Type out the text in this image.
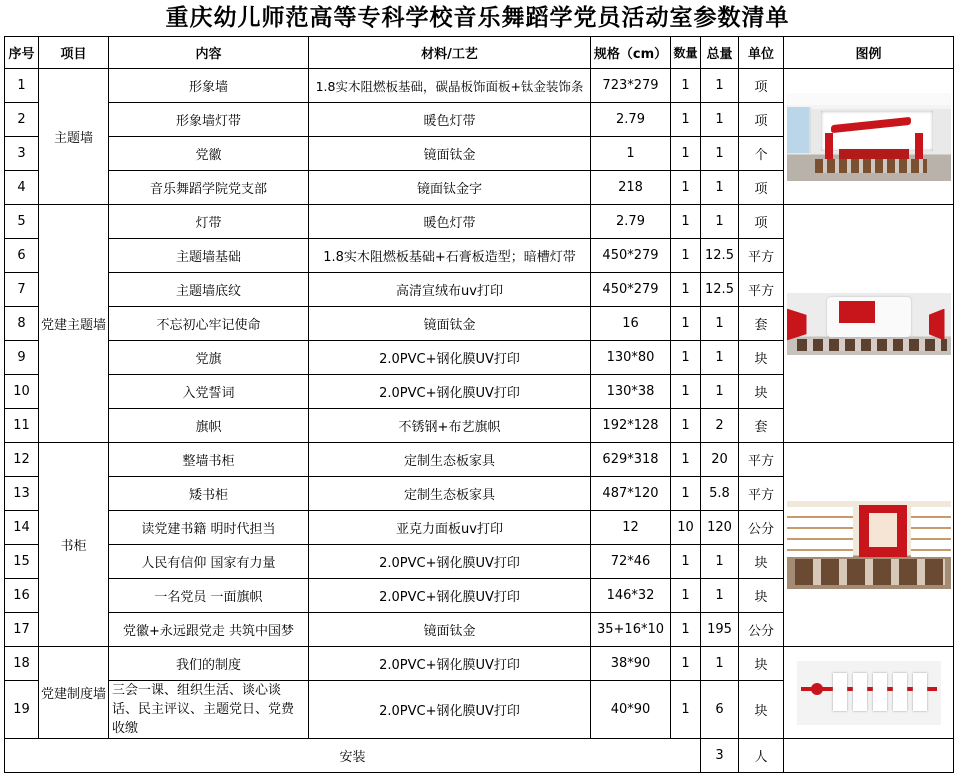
重庆幼儿师范高等专科学校音乐舞蹈学党员活动室参数清单
序号	项目	内容	材料/工艺	规格（cm）	数量	总量	单位	图例
1	主题墙	形象墙	1.8实木阻燃板基础，碳晶板饰面板+钛金装饰条	723*279	1	1	项	

2		形象墙灯带	暖色灯带	2.79	1	1	项	
3		党徽	镜面钛金	1	1	1	个	
4		音乐舞蹈学院党支部	镜面钛金字	218	1	1	项	
5	党建主题墙	灯带	暖色灯带	2.79	1	1	项	

6		主题墙基础	1.8实木阻燃板基础+石膏板造型；暗槽灯带	450*279	1	12.5	平方	
7		主题墙底纹	高清宣绒布uv打印	450*279	1	12.5	平方	
8		不忘初心牢记使命	镜面钛金	16	1	1	套	
9		党旗	2.0PVC+钢化膜UV打印	130*80	1	1	块	
10		入党誓词	2.0PVC+钢化膜UV打印	130*38	1	1	块	
11		旗帜	不锈钢+布艺旗帜	192*128	1	2	套	
12	书柜	整墙书柜	定制生态板家具	629*318	1	20	平方	

13		矮书柜	定制生态板家具	487*120	1	5.8	平方	
14		读党建书籍 明时代担当	亚克力面板uv打印	12	10	120	公分	
15		人民有信仰 国家有力量	2.0PVC+钢化膜UV打印	72*46	1	1	块	
16		一名党员 一面旗帜	2.0PVC+钢化膜UV打印	146*32	1	1	块	
17		党徽+永远跟党走 共筑中国梦	镜面钛金	35+16*10	1	195	公分	
18	党建制度墙	我们的制度	2.0PVC+钢化膜UV打印	38*90	1	1	块	

19		三会一课、组织生活、谈心谈话、民主评议、主题党日、党费收缴	2.0PVC+钢化膜UV打印	40*90	1	6	块	
安装						3	人	
